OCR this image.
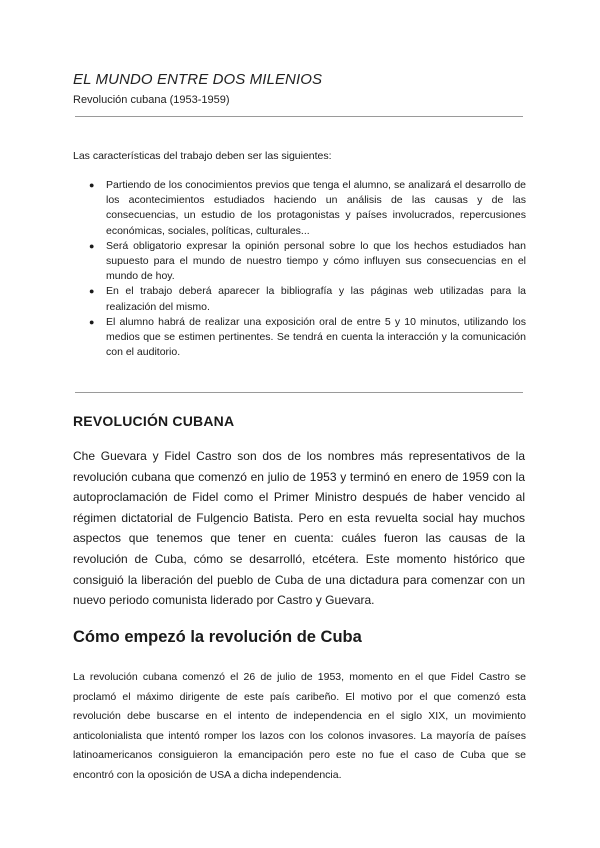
EL MUNDO ENTRE DOS MILENIOS

Revolución cubana (1953-1959)

Las características del trabajo deben ser las siguientes:

● Partiendo de los conocimientos previos que tenga el alumno, se analizará el desarrollo de los acontecimientos estudiados haciendo un análisis de las causas y de las consecuencias, un estudio de los protagonistas y países involucrados, repercusiones económicas, sociales, políticas, culturales...
● Será obligatorio expresar la opinión personal sobre lo que los hechos estudiados han supuesto para el mundo de nuestro tiempo y cómo influyen sus consecuencias en el mundo de hoy.
● En el trabajo deberá aparecer la bibliografía y las páginas web utilizadas para la realización del mismo.
● El alumno habrá de realizar una exposición oral de entre 5 y 10 minutos, utilizando los medios que se estimen pertinentes. Se tendrá en cuenta la interacción y la comunicación con el auditorio.
REVOLUCIÓN CUBANA

Che Guevara y Fidel Castro son dos de los nombres más representativos de la revolución cubana que comenzó en julio de 1953 y terminó en enero de 1959 con la autoproclamación de Fidel como el Primer Ministro después de haber vencido al régimen dictatorial de Fulgencio Batista. Pero en esta revuelta social hay muchos aspectos que tenemos que tener en cuenta: cuáles fueron las causas de la revolución de Cuba, cómo se desarrolló, etcétera. Este momento histórico que consiguió la liberación del pueblo de Cuba de una dictadura para comenzar con un nuevo periodo comunista liderado por Castro y Guevara.

Cómo empezó la revolución de Cuba

La revolución cubana comenzó el 26 de julio de 1953, momento en el que Fidel Castro se proclamó el máximo dirigente de este país caribeño. El motivo por el que comenzó esta revolución debe buscarse en el intento de independencia en el siglo XIX, un movimiento anticolonialista que intentó romper los lazos con los colonos invasores. La mayoría de países latinoamericanos consiguieron la emancipación pero este no fue el caso de Cuba que se encontró con la oposición de USA a dicha independencia.
